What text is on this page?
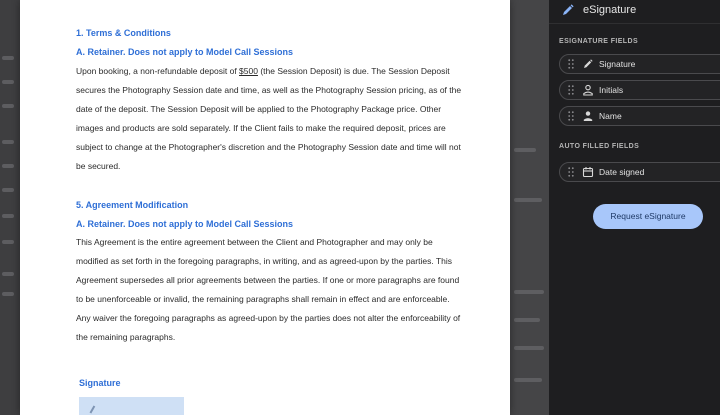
1. Terms & Conditions
A. Retainer. Does not apply to Model Call Sessions
Upon booking, a non-refundable deposit of $500 (the Session Deposit) is due. The Session Deposit secures the Photography Session date and time, as well as the Photography Session pricing, as of the date of the deposit. The Session Deposit will be applied to the Photography Package price. Other images and products are sold separately. If the Client fails to make the required deposit, prices are subject to change at the Photographer's discretion and the Photography Session date and time will not be secured.
5. Agreement Modification
A. Retainer. Does not apply to Model Call Sessions
This Agreement is the entire agreement between the Client and Photographer and may only be modified as set forth in the foregoing paragraphs, in writing, and as agreed-upon by the parties. This Agreement supersedes all prior agreements between the parties. If one or more paragraphs are found to be unenforceable or invalid, the remaining paragraphs shall remain in effect and are enforceable. Any waiver the foregoing paragraphs as agreed-upon by the parties does not alter the enforceability of the remaining paragraphs.
Signature
eSignature
ESIGNATURE FIELDS
Signature
Initials
Name
AUTO FILLED FIELDS
Date signed
Request eSignature
